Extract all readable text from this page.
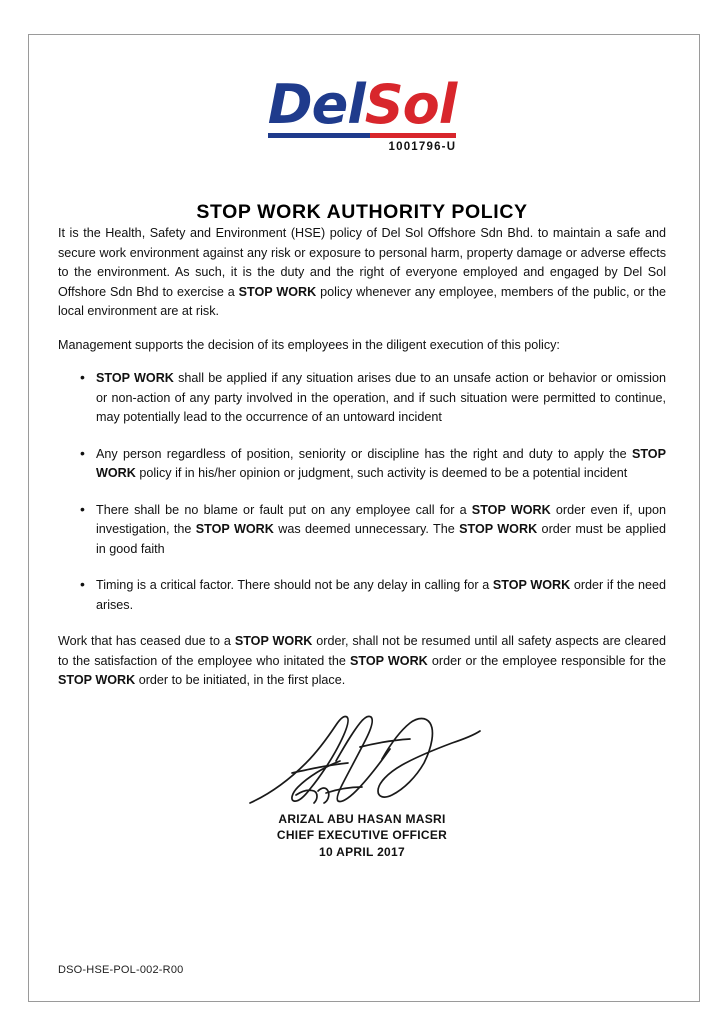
DelSol
1001796-U
STOP WORK AUTHORITY POLICY

It is the Health, Safety and Environment (HSE) policy of Del Sol Offshore Sdn Bhd. to maintain a safe and secure work environment against any risk or exposure to personal harm, property damage or adverse effects to the environment. As such, it is the duty and the right of everyone employed and engaged by Del Sol Offshore Sdn Bhd to exercise a STOP WORK policy whenever any employee, members of the public, or the local environment are at risk.

Management supports the decision of its employees in the diligent execution of this policy:

• STOP WORK shall be applied if any situation arises due to an unsafe action or behavior or omission or non-action of any party involved in the operation, and if such situation were permitted to continue, may potentially lead to the occurrence of an untoward incident
• Any person regardless of position, seniority or discipline has the right and duty to apply the STOP WORK policy if in his/her opinion or judgment, such activity is deemed to be a potential incident
• There shall be no blame or fault put on any employee call for a STOP WORK order even if, upon investigation, the STOP WORK was deemed unnecessary. The STOP WORK order must be applied in good faith
• Timing is a critical factor. There should not be any delay in calling for a STOP WORK order if the need arises.

Work that has ceased due to a STOP WORK order, shall not be resumed until all safety aspects are cleared to the satisfaction of the employee who initated the STOP WORK order or the employee responsible for the STOP WORK order to be initiated, in the first place.

ARIZAL ABU HASAN MASRI
CHIEF EXECUTIVE OFFICER
10 APRIL 2017
DSO-HSE-POL-002-R00
